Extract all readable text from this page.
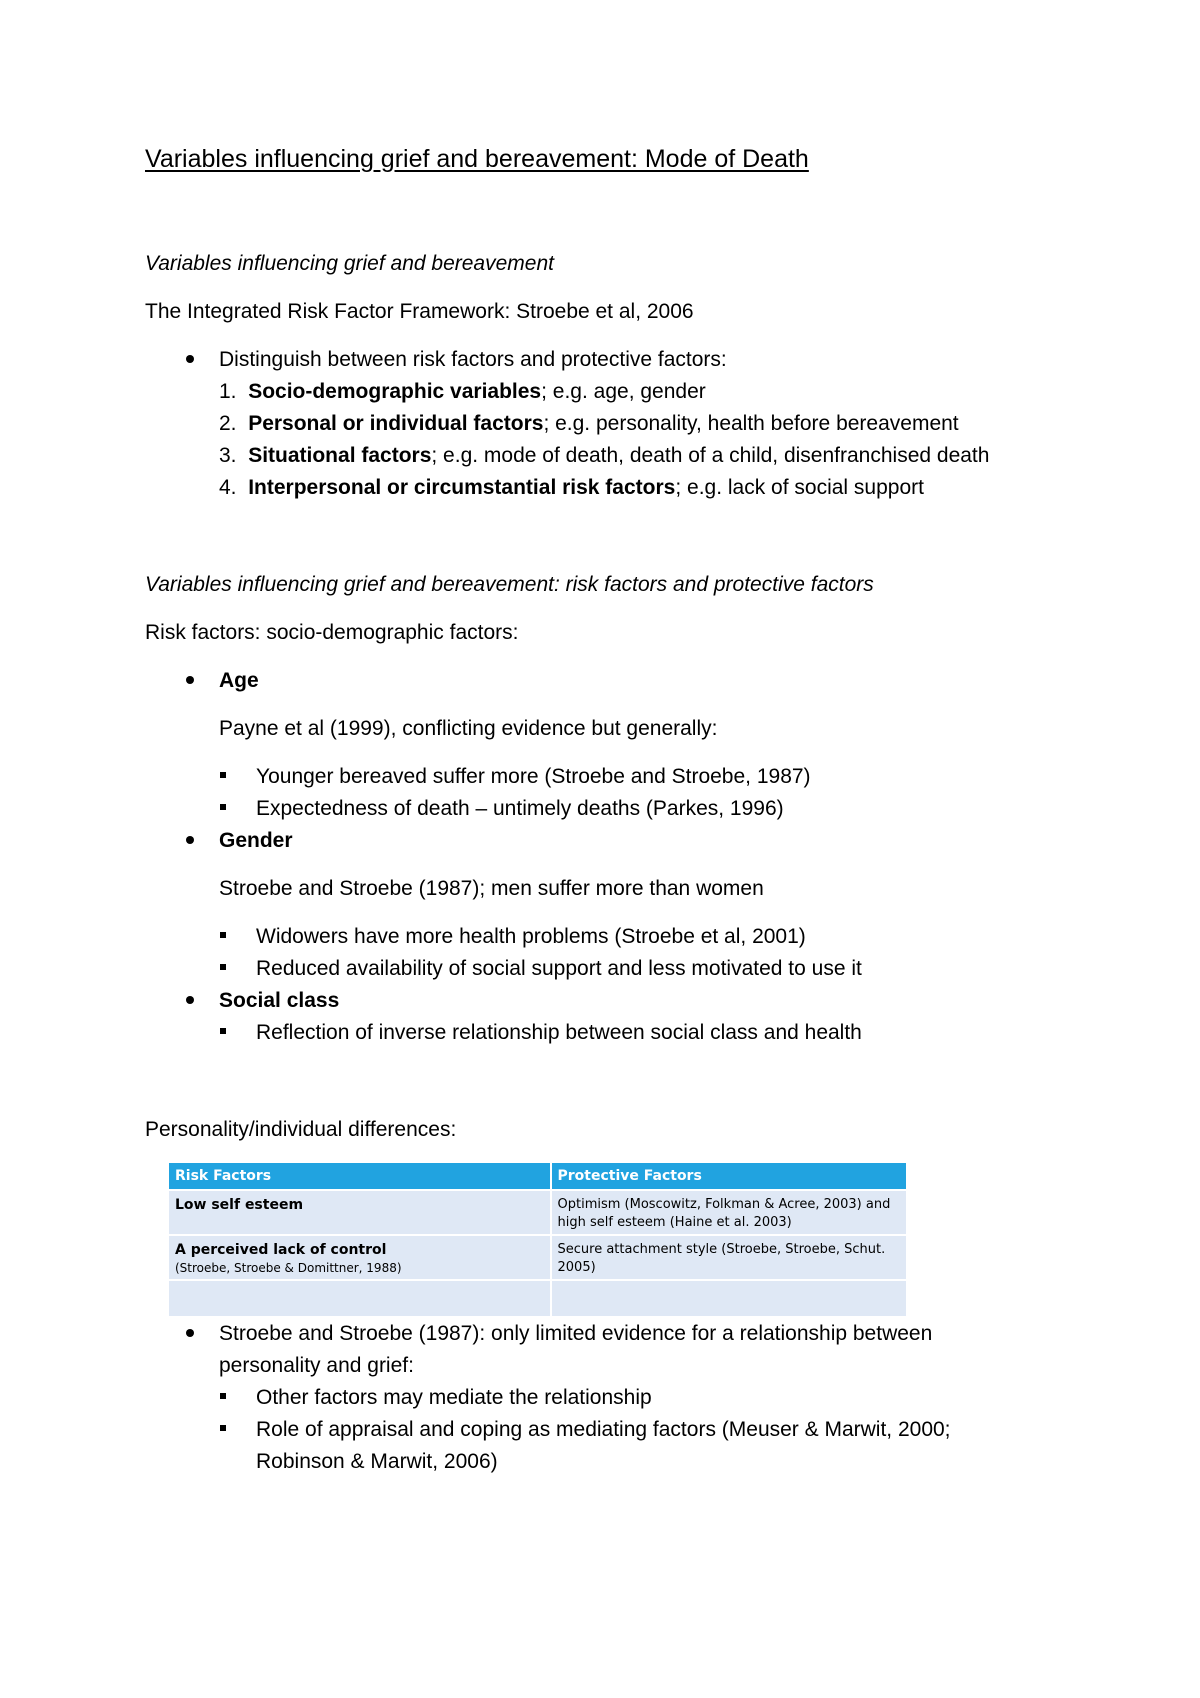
Variables influencing grief and bereavement: Mode of Death
Variables influencing grief and bereavement
The Integrated Risk Factor Framework: Stroebe et al, 2006
Distinguish between risk factors and protective factors:
1. Socio-demographic variables; e.g. age, gender
2. Personal or individual factors; e.g. personality, health before bereavement
3. Situational factors; e.g. mode of death, death of a child, disenfranchised death
4. Interpersonal or circumstantial risk factors; e.g. lack of social support
Variables influencing grief and bereavement: risk factors and protective factors
Risk factors: socio-demographic factors:
Age
Payne et al (1999), conflicting evidence but generally:
Younger bereaved suffer more (Stroebe and Stroebe, 1987)
Expectedness of death – untimely deaths (Parkes, 1996)
Gender
Stroebe and Stroebe (1987); men suffer more than women
Widowers have more health problems (Stroebe et al, 2001)
Reduced availability of social support and less motivated to use it
Social class
Reflection of inverse relationship between social class and health
Personality/individual differences:
Risk Factors	Protective Factors

Low self esteem	Optimism (Moscowitz, Folkman & Acree, 2003) and high self esteem (Haine et al. 2003)

A perceived lack of control
(Stroebe, Stroebe & Domittner, 1988)	Secure attachment style (Stroebe, Stroebe, Schut. 2005)

Stroebe and Stroebe (1987): only limited evidence for a relationship between
personality and grief:
Other factors may mediate the relationship
Role of appraisal and coping as mediating factors (Meuser & Marwit, 2000;
Robinson & Marwit, 2006)
